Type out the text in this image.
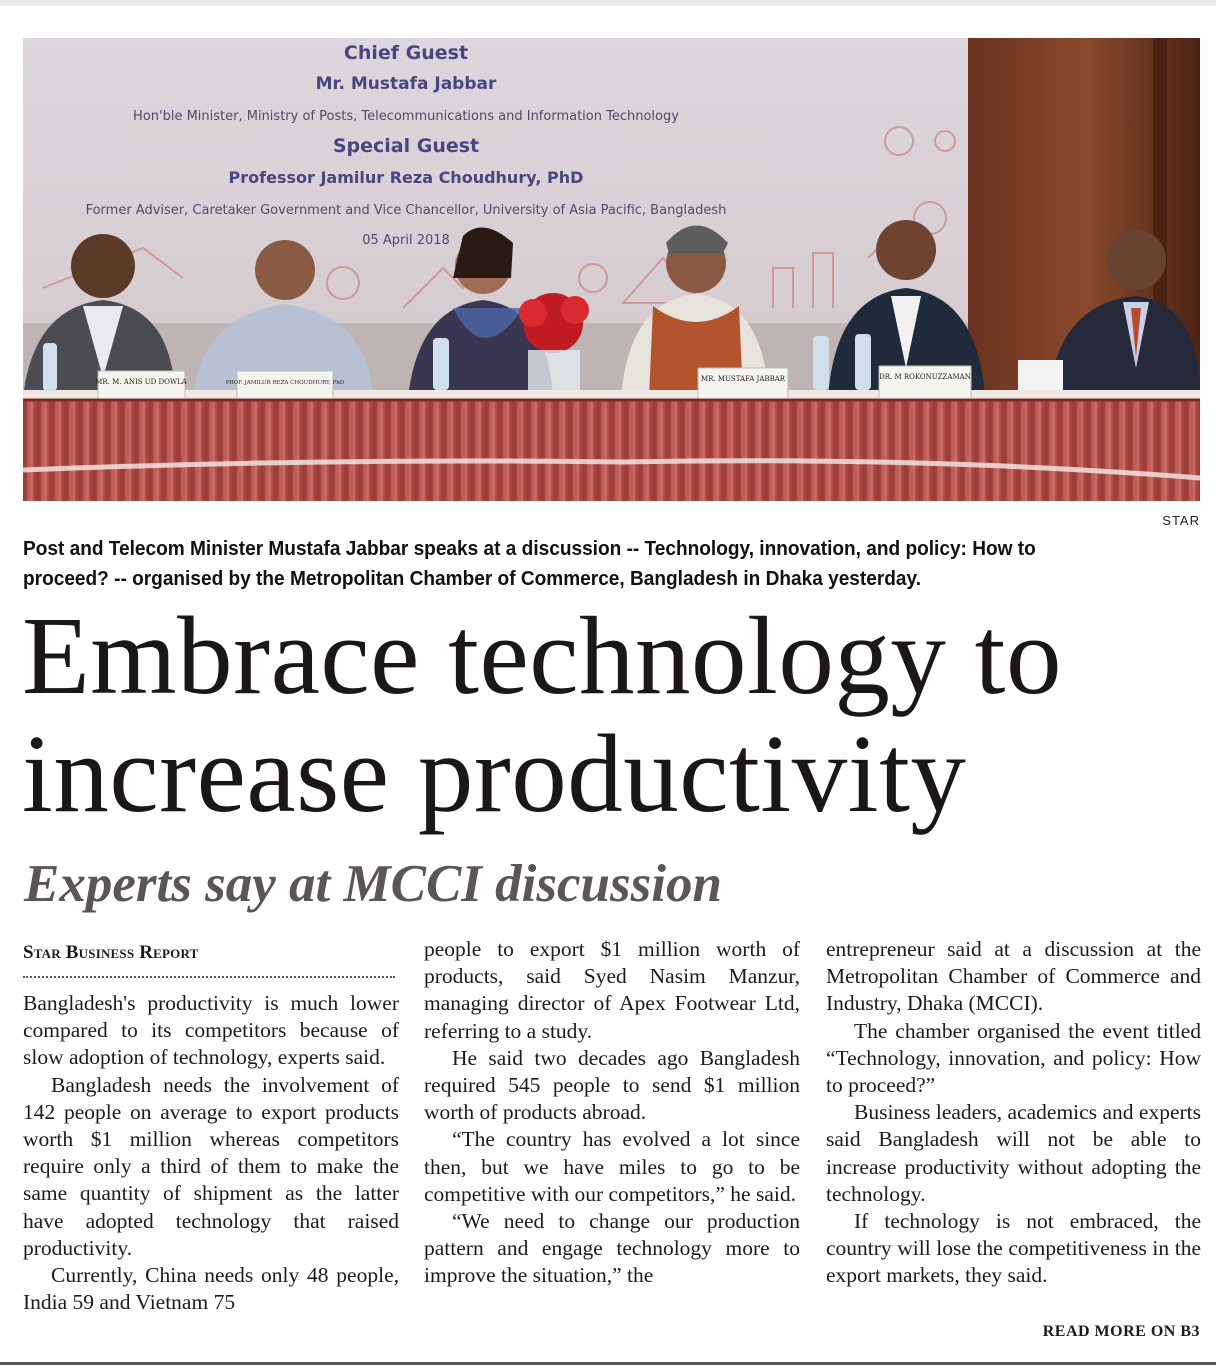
Chief Guest
Mr. Mustafa Jabbar
Hon'ble Minister, Ministry of Posts, Telecommunications and Information Technology
Special Guest
Professor Jamilur Reza Choudhury, PhD
Former Adviser, Caretaker Government and Vice Chancellor, University of Asia Pacific, Bangladesh
05 April 2018
MR. M. ANIS UD DOWLA	PROF. JAMILUR REZA CHOUDHURY, PhD	MR. MUSTAFA JABBAR	DR. M ROKONUZZAMAN
STAR
Post and Telecom Minister Mustafa Jabbar speaks at a discussion -- Technology, innovation, and policy: How to proceed? -- organised by the Metropolitan Chamber of Commerce, Bangladesh in Dhaka yesterday.
Embrace technology to increase productivity
Experts say at MCCI discussion
Star Business Report

Bangladesh's productivity is much lower compared to its competitors because of slow adoption of technology, experts said.

Bangladesh needs the involvement of 142 people on average to export products worth $1 million whereas competitors require only a third of them to make the same quantity of shipment as the latter have adopted technology that raised productivity.

Currently, China needs only 48 people, India 59 and Vietnam 75

people to export $1 million worth of products, said Syed Nasim Manzur, managing director of Apex Footwear Ltd, referring to a study.

He said two decades ago Bangladesh required 545 people to send $1 million worth of products abroad.

“The country has evolved a lot since then, but we have miles to go to be competitive with our competitors,” he said.

“We need to change our production pattern and engage technology more to improve the situation,” the

entrepreneur said at a discussion at the Metropolitan Chamber of Commerce and Industry, Dhaka (MCCI).

The chamber organised the event titled “Technology, innovation, and policy: How to proceed?”

Business leaders, academics and experts said Bangladesh will not be able to increase productivity without adopting the technology.

If technology is not embraced, the country will lose the competitiveness in the export markets, they said.

READ MORE ON B3
